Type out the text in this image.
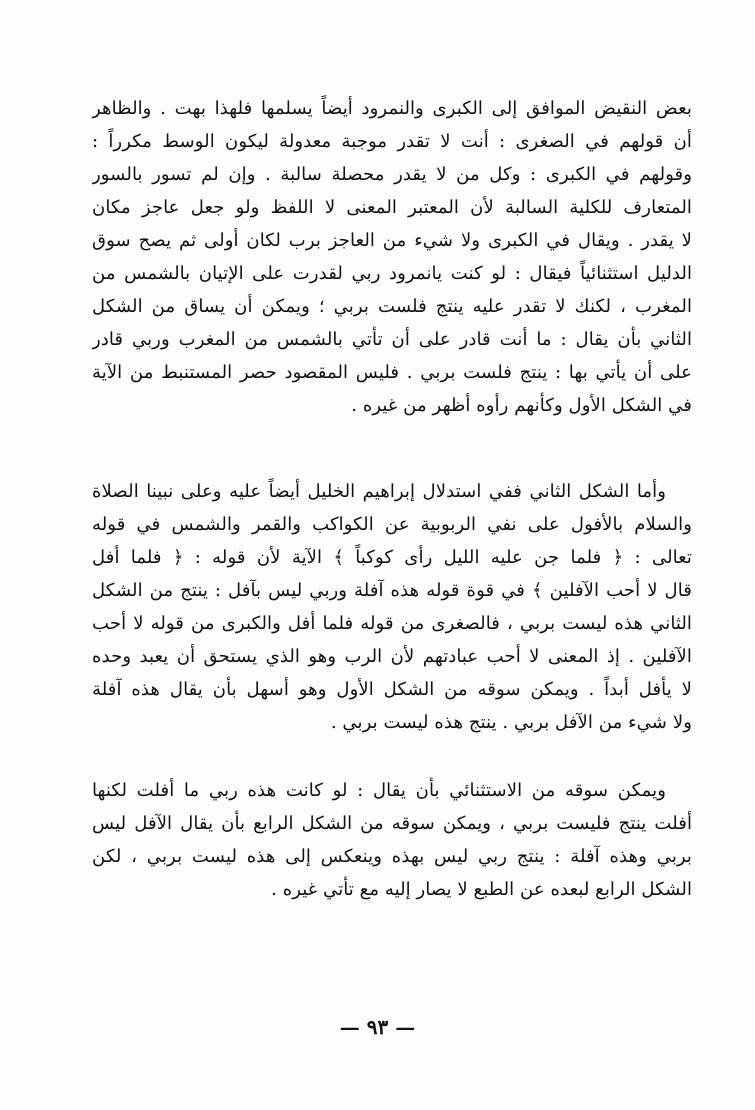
بعض النقيض الموافق إلى الكبرى والنمرود أيضاً يسلمها فلهذا بهت . والظاهر
أن قولهم في الصغرى : أنت لا تقدر موجبة معدولة ليكون الوسط مكرراً :
وقولهم في الكبرى : وكل من لا يقدر محصلة سالبة . وإن لم تسور بالسور
المتعارف للكلية السالبة لأن المعتبر المعنى لا اللفظ ولو جعل عاجز مكان
لا يقدر . ويقال في الكبرى ولا شيء من العاجز برب لكان أولى ثم يصح سوق
الدليل استثنائياً فيقال : لو كنت يانمرود ربي لقدرت على الإتيان بالشمس من
المغرب ، لكنك لا تقدر عليه ينتج فلست بربي ؛ ويمكن أن يساق من الشكل
الثاني بأن يقال : ما أنت قادر على أن تأتي بالشمس من المغرب وربي قادر
على أن يأتي بها : ينتج فلست بربي . فليس المقصود حصر المستنبط من الآية
في الشكل الأول وكأنهم رأوه أظهر من غيره .
وأما الشكل الثاني ففي استدلال إبراهيم الخليل أيضاً عليه وعلى نبينا الصلاة
والسلام بالأفول على نفي الربوبية عن الكواكب والقمر والشمس في قوله
تعالى : ﴿ فلما جن عليه الليل رأى كوكباً ﴾ الآية لأن قوله : ﴿ فلما أفل
قال لا أحب الآفلين ﴾ في قوة قوله هذه آفلة وربي ليس بآفل : ينتج من الشكل
الثاني هذه ليست بربي ، فالصغرى من قوله فلما أفل والكبرى من قوله لا أحب
الآفلين . إذ المعنى لا أحب عبادتهم لأن الرب وهو الذي يستحق أن يعبد وحده
لا يأفل أبداً . ويمكن سوقه من الشكل الأول وهو أسهل بأن يقال هذه آفلة
ولا شيء من الآفل بربي . ينتج هذه ليست بربي .
ويمكن سوقه من الاستثنائي بأن يقال : لو كانت هذه ربي ما أفلت لكنها
أفلت ينتج فليست بربي ، ويمكن سوقه من الشكل الرابع بأن يقال الآفل ليس
بربي وهذه آفلة : ينتج ربي ليس بهذه وينعكس إلى هذه ليست بربي ، لكن
الشكل الرابع لبعده عن الطبع لا يصار إليه مع تأتي غيره .
— ٩٣ —
